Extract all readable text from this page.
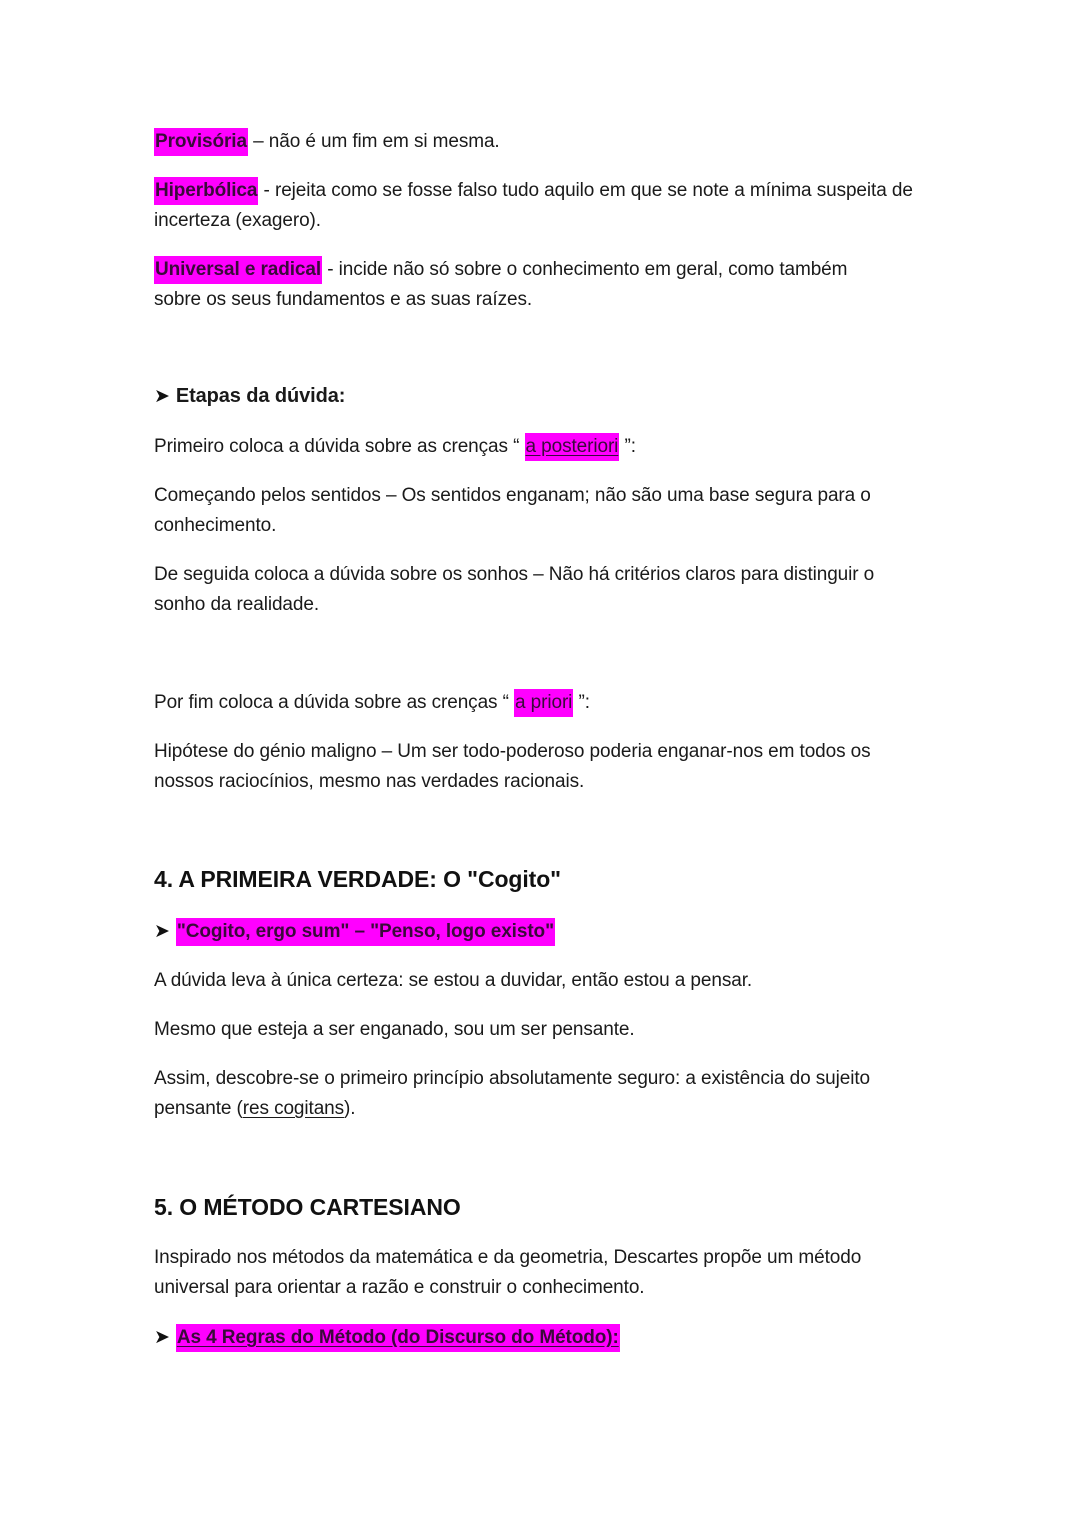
Provisória – não é um fim em si mesma.

Hiperbólica - rejeita como se fosse falso tudo aquilo em que se note a mínima suspeita de incerteza (exagero).

Universal e radical - incide não só sobre o conhecimento em geral, como também sobre os seus fundamentos e as suas raízes.

➤ Etapas da dúvida:

Primeiro coloca a dúvida sobre as crenças “ a posteriori ”:

Começando pelos sentidos – Os sentidos enganam; não são uma base segura para o
conhecimento.

De seguida coloca a dúvida sobre os sonhos – Não há critérios claros para distinguir o
sonho da realidade.

Por fim coloca a dúvida sobre as crenças “ a priori ”:

Hipótese do génio maligno – Um ser todo-poderoso poderia enganar-nos em todos os
nossos raciocínios, mesmo nas verdades racionais.

4. A PRIMEIRA VERDADE: O "Cogito"

➤ "Cogito, ergo sum" – "Penso, logo existo"

A dúvida leva à única certeza: se estou a duvidar, então estou a pensar.

Mesmo que esteja a ser enganado, sou um ser pensante.

Assim, descobre-se o primeiro princípio absolutamente seguro: a existência do sujeito
pensante (res cogitans).

5. O MÉTODO CARTESIANO

Inspirado nos métodos da matemática e da geometria, Descartes propõe um método
universal para orientar a razão e construir o conhecimento.

➤ As 4 Regras do Método (do Discurso do Método):
